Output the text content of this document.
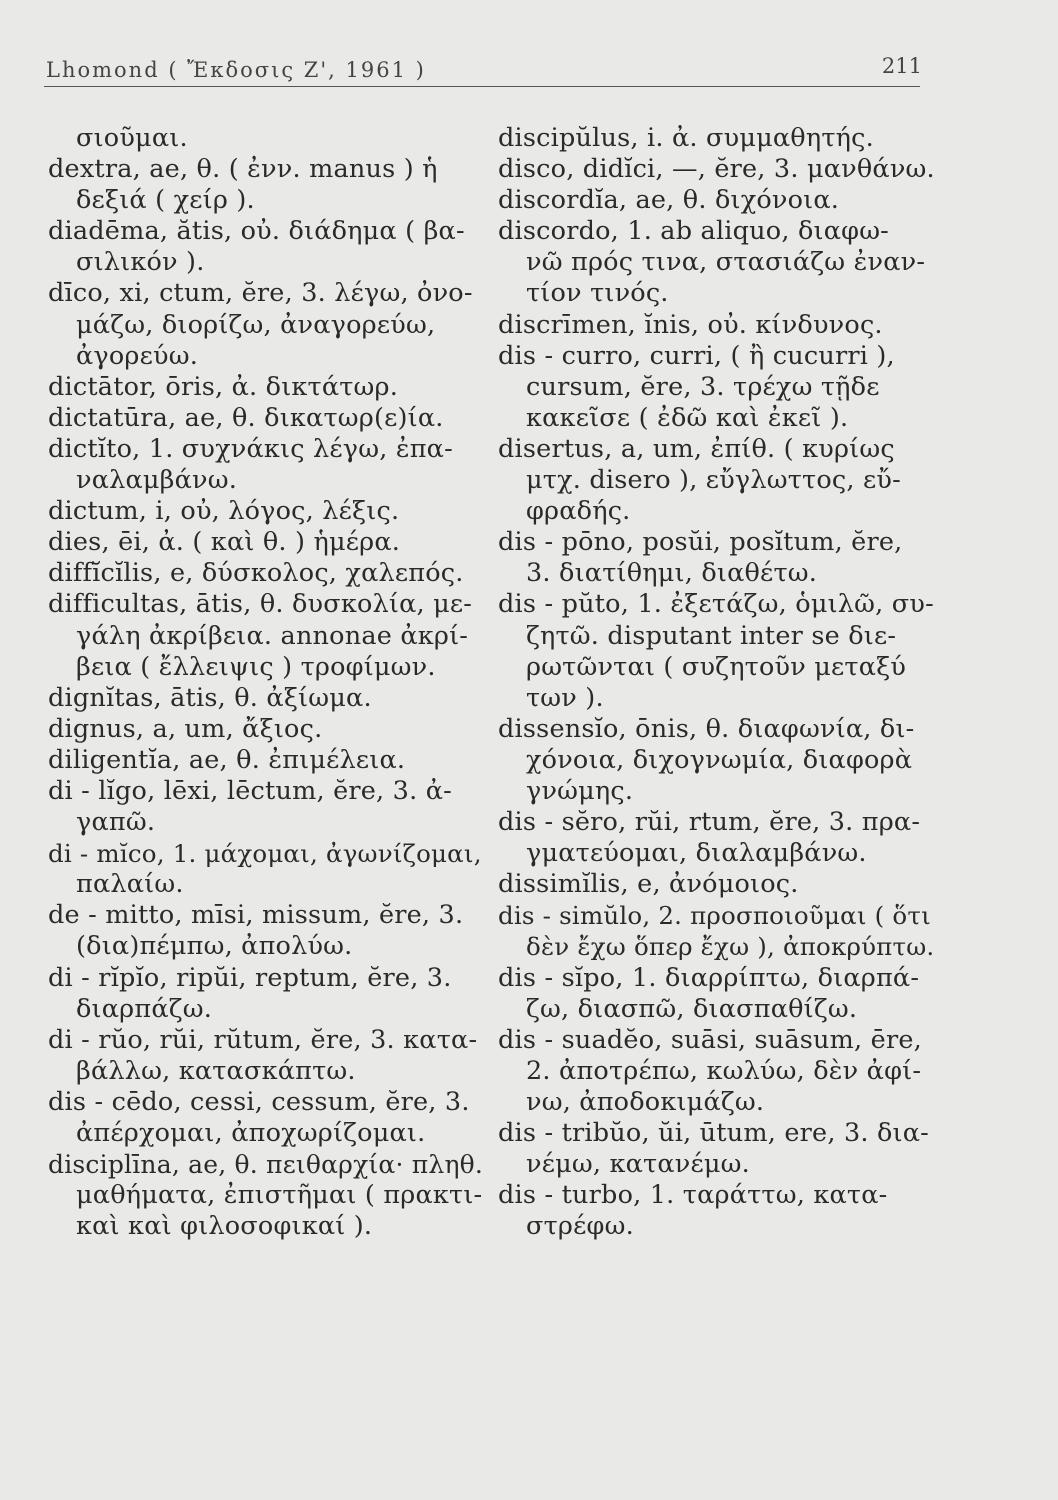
Lhomond ( Ἔκδοσις Ζ', 1961 )	211
σιοῦμαι.
dextra, ae, θ. ( ἐνν. manus ) ἡ
δεξιά ( χείρ ).
diadēma, ătis, οὐ. διάδημα ( βα-
σιλικόν ).
dīco, xi, ctum, ĕre, 3. λέγω, ὀνο-
μάζω, διορίζω, ἀναγορεύω,
ἀγορεύω.
dictātor, ōris, ἀ. δικτάτωρ.
dictatūra, ae, θ. δικατωρ(ε)ία.
dictĭto, 1. συχνάκις λέγω, ἐπα-
ναλαμβάνω.
dictum, i, οὐ, λόγος, λέξις.
dies, ēi, ἀ. ( καὶ θ. ) ἡμέρα.
diffĭcĭlis, e, δύσκολος, χαλεπός.
difficultas, ātis, θ. δυσκολία, με-
γάλη ἀκρίβεια. annonae ἀκρί-
βεια ( ἔλλειψις ) τροφίμων.
dignĭtas, ātis, θ. ἀξίωμα.
dignus, a, um, ἄξιος.
diligentĭa, ae, θ. ἐπιμέλεια.
di - lĭgo, lēxi, lēctum, ĕre, 3. ἀ-
γαπῶ.
di - mĭco, 1. μάχομαι, ἀγωνίζομαι,
παλαίω.
de - mitto, mīsi, missum, ĕre, 3.
(δια)πέμπω, ἀπολύω.
di - rĭpĭo, ripŭi, reptum, ĕre, 3.
διαρπάζω.
di - rŭo, rŭi, rŭtum, ĕre, 3. κατα-
βάλλω, κατασκάπτω.
dis - cēdo, cessi, cessum, ĕre, 3.
ἀπέρχομαι, ἀποχωρίζομαι.
disciplīna, ae, θ. πειθαρχία· πληθ.
μαθήματα, ἐπιστῆμαι ( πρακτι-
καὶ καὶ φιλοσοφικαί ).
discipŭlus, i. ἀ. συμμαθητής.
disco, didĭci, —, ĕre, 3. μανθάνω.
discordĭa, ae, θ. διχόνοια.
discordo, 1. ab aliquo, διαφω-
νῶ πρός τινα, στασιάζω ἐναν-
τίον τινός.
discrīmen, ĭnis, οὐ. κίνδυνος.
dis - curro, curri, ( ἢ cucurri ),
cursum, ĕre, 3. τρέχω τῇδε
κακεῖσε ( ἐδῶ καὶ ἐκεῖ ).
disertus, a, um, ἐπίθ. ( κυρίως
μτχ. disero ), εὔγλωττος, εὔ-
φραδής.
dis - pōno, posŭi, posĭtum, ĕre,
3. διατίθημι, διαθέτω.
dis - pŭto, 1. ἐξετάζω, ὁμιλῶ, συ-
ζητῶ. disputant inter se διε-
ρωτῶνται ( συζητοῦν μεταξύ
των ).
dissensĭo, ōnis, θ. διαφωνία, δι-
χόνοια, διχογνωμία, διαφορὰ
γνώμης.
dis - sĕro, rŭi, rtum, ĕre, 3. πρα-
γματεύομαι, διαλαμβάνω.
dissimĭlis, e, ἀνόμοιος.
dis - simŭlo, 2. προσποιοῦμαι ( ὅτι
δὲν ἔχω ὅπερ ἔχω ), ἀποκρύπτω.
dis - sĭpo, 1. διαρρίπτω, διαρπά-
ζω, διασπῶ, διασπαθίζω.
dis - suadĕo, suāsi, suāsum, ēre,
2. ἀποτρέπω, κωλύω, δὲν ἀφί-
νω, ἀποδοκιμάζω.
dis - tribŭo, ŭi, ūtum, ere, 3. δια-
νέμω, κατανέμω.
dis - turbo, 1. ταράττω, κατα-
στρέφω.
